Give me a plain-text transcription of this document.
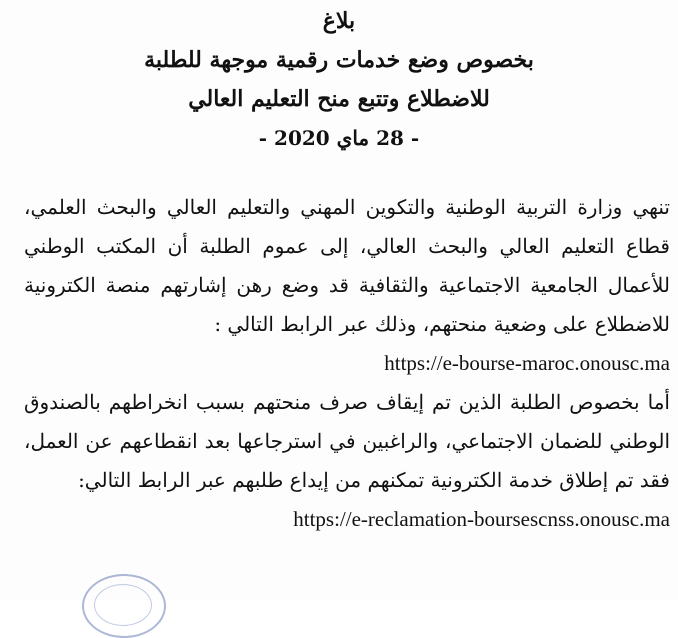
بلاغ
بخصوص وضع خدمات رقمية موجهة للطلبة
للاضطلاع وتتبع منح التعليم العالي
- 28 ماي 2020 -

تنهي وزارة التربية الوطنية والتكوين المهني والتعليم العالي والبحث العلمي، قطاع التعليم العالي والبحث العالي، إلى عموم الطلبة أن المكتب الوطني للأعمال الجامعية الاجتماعية والثقافية قد وضع رهن إشارتهم منصة الكترونية للاضطلاع على وضعية منحتهم، وذلك عبر الرابط التالي :

https://e-bourse-maroc.onousc.ma

أما بخصوص الطلبة الذين تم إيقاف صرف منحتهم بسبب انخراطهم بالصندوق الوطني للضمان الاجتماعي، والراغبين في استرجاعها بعد انقطاعهم عن العمل، فقد تم إطلاق خدمة الكترونية تمكنهم من إيداع طلبهم عبر الرابط التالي:

https://e-reclamation-boursescnss.onousc.ma
